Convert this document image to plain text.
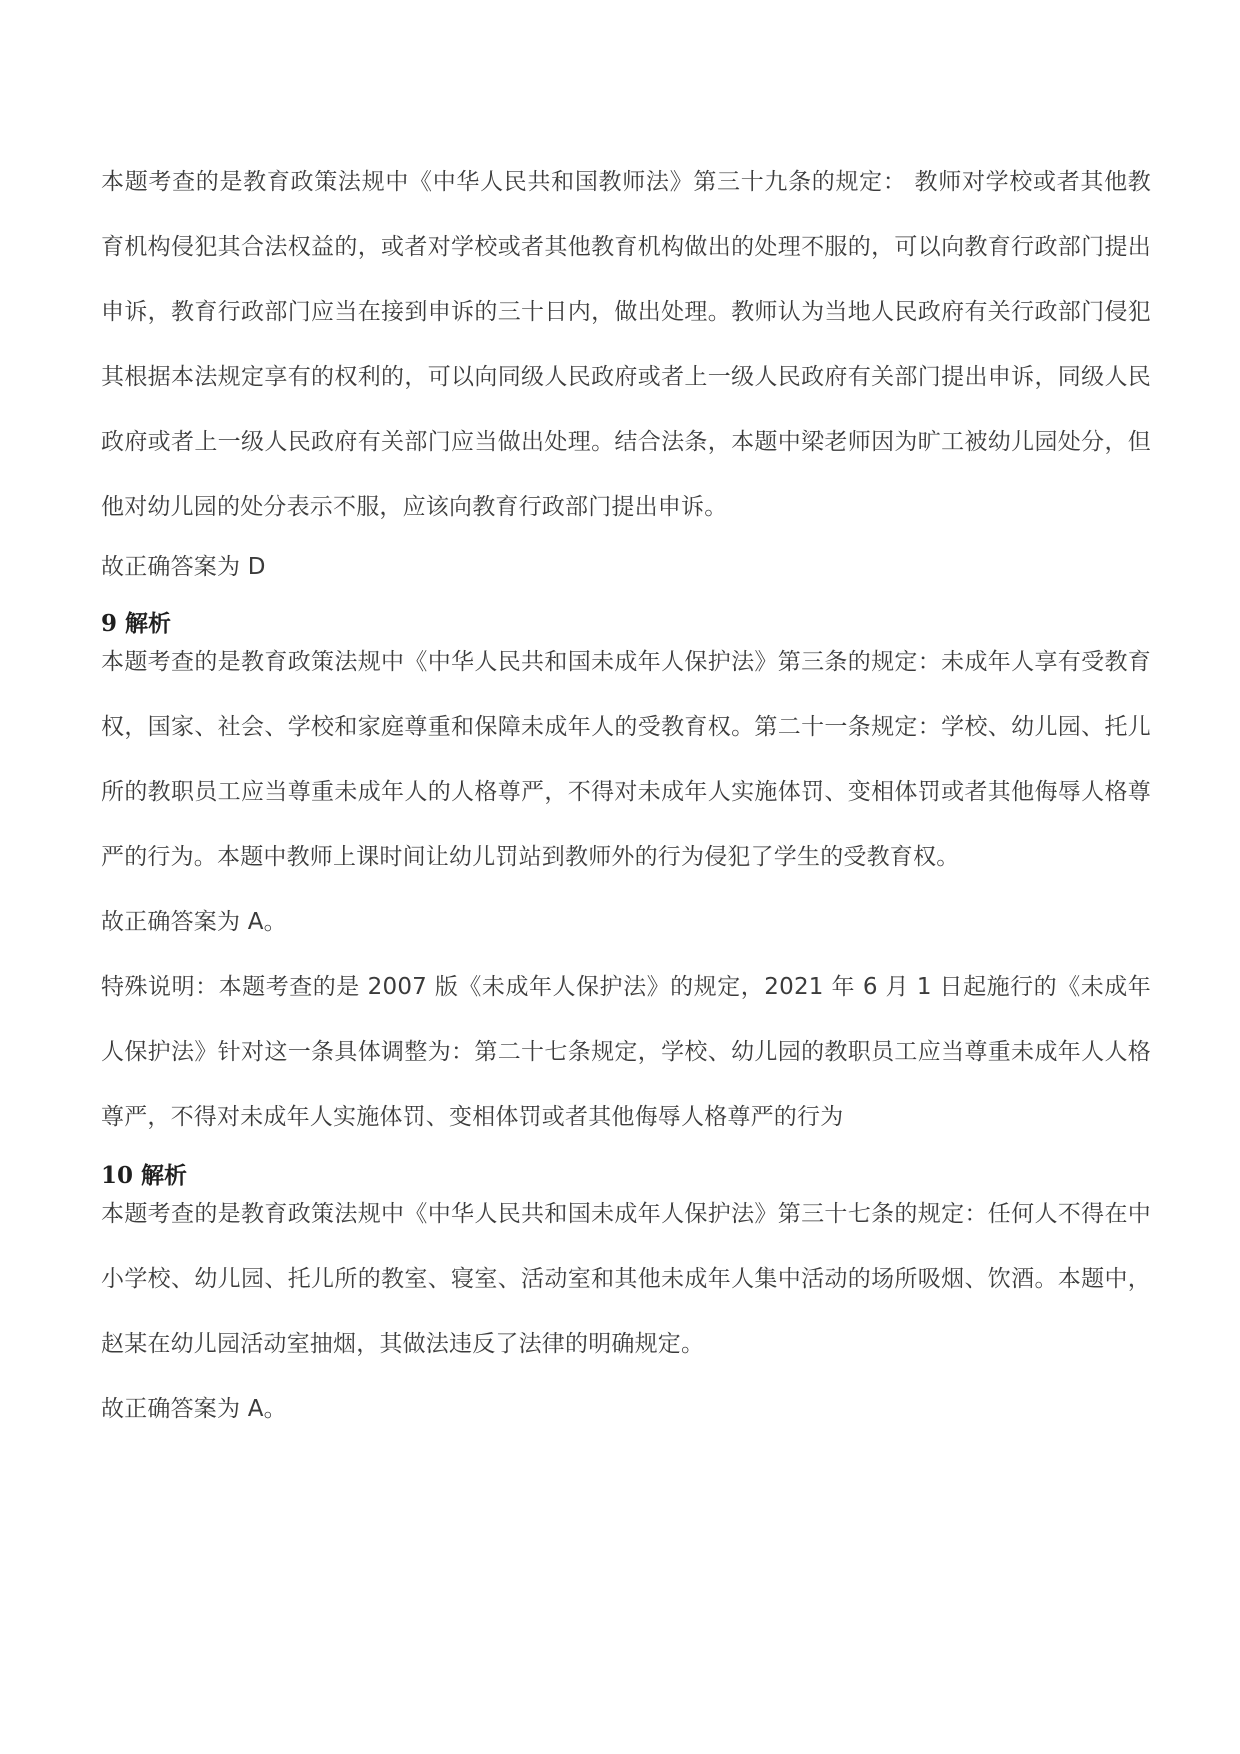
本题考查的是教育政策法规中《中华人民共和国教师法》第三十九条的规定： 教师对学校或者其他教育机构侵犯其合法权益的，或者对学校或者其他教育机构做出的处理不服的，可以向教育行政部门提出申诉，教育行政部门应当在接到申诉的三十日内，做出处理。教师认为当地人民政府有关行政部门侵犯其根据本法规定享有的权利的，可以向同级人民政府或者上一级人民政府有关部门提出申诉，同级人民政府或者上一级人民政府有关部门应当做出处理。结合法条，本题中梁老师因为旷工被幼儿园处分，但他对幼儿园的处分表示不服，应该向教育行政部门提出申诉。

故正确答案为 D

9 解析

本题考查的是教育政策法规中《中华人民共和国未成年人保护法》第三条的规定：未成年人享有受教育权，国家、社会、学校和家庭尊重和保障未成年人的受教育权。第二十一条规定：学校、幼儿园、托儿所的教职员工应当尊重未成年人的人格尊严，不得对未成年人实施体罚、变相体罚或者其他侮辱人格尊严的行为。本题中教师上课时间让幼儿罚站到教师外的行为侵犯了学生的受教育权。

故正确答案为 A。

特殊说明：本题考查的是 2007 版《未成年人保护法》的规定，2021 年 6 月 1 日起施行的《未成年人保护法》针对这一条具体调整为：第二十七条规定，学校、幼儿园的教职员工应当尊重未成年人人格尊严，不得对未成年人实施体罚、变相体罚或者其他侮辱人格尊严的行为

10 解析

本题考查的是教育政策法规中《中华人民共和国未成年人保护法》第三十七条的规定：任何人不得在中小学校、幼儿园、托儿所的教室、寝室、活动室和其他未成年人集中活动的场所吸烟、饮酒。本题中，赵某在幼儿园活动室抽烟，其做法违反了法律的明确规定。

故正确答案为 A。
